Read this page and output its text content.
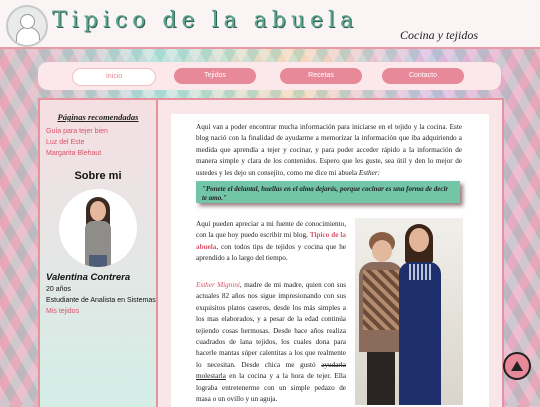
Tipico de la abuela
Cocina y tejidos
Inicio	Tejidos	Recetas	Contacto
Páginas recomendadas
Guía para tejer bien
Luz del Este
Margarita Blehaut
Sobre mi
Valentina Contrera
20 años
Estudiante de Analista en Sistemas
Mis tejidos
Aquí van a poder encontrar mucha información para iniciarse en el tejido y la cocina. Este blog nació con la finalidad de ayudarme a memorizar la información que iba adquiriendo a medida que aprendía a tejer y cocinar, y para poder acceder rápido a la información de manera simple y clara de los contenidos. Espero que les guste, sea útil y den lo mejor de ustedes y les dejo un consejito, como me dice mi abuela Esther:
"Ponete el delantal, huellas en el alma dejarás, porque cocinar es una forma de decir te amo."
Aquí pueden apreciar a mi fuente de conocimiento, con la que hoy puedo escribir mi blog, Tipico de la abuela, con todos tips de tejidos y cocina que he aprendido a lo largo del tiempo.
Esther Mignini, madre de mi madre, quien con sus actuales 82 años nos sigue impresionando con sus exquisitos platos caseros, desde los más simples a los mas elaborados, y a pesar de la edad continúa tejiendo cosas hermosas. Desde hace años realiza cuadrados de lana tejidos, los cuales dona para hacerle mantas súper calentitas a los que realmente lo necesitan. Desde chica me gustó ayudarla molestarla en la cocina y a la hora de tejer. Ella lograba entretenerme con un simple pedazo de masa o un ovillo y un aguja.
